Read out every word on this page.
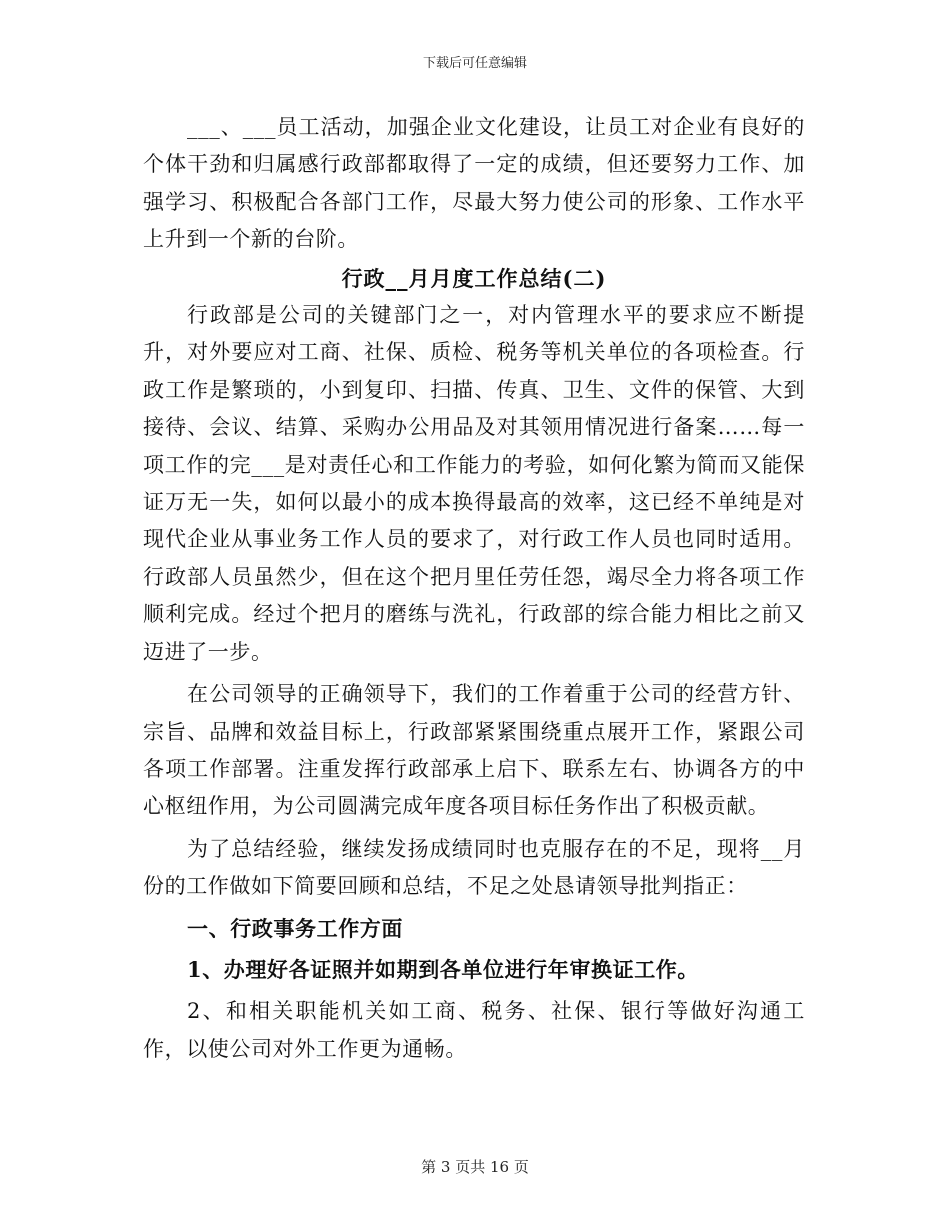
下载后可任意编辑

___、___员工活动，加强企业文化建设，让员工对企业有良好的个体干劲和归属感行政部都取得了一定的成绩，但还要努力工作、加强学习、积极配合各部门工作，尽最大努力使公司的形象、工作水平上升到一个新的台阶。

行政__月月度工作总结(二)

行政部是公司的关键部门之一，对内管理水平的要求应不断提升，对外要应对工商、社保、质检、税务等机关单位的各项检查。行政工作是繁琐的，小到复印、扫描、传真、卫生、文件的保管、大到接待、会议、结算、采购办公用品及对其领用情况进行备案……每一项工作的完___是对责任心和工作能力的考验，如何化繁为简而又能保证万无一失，如何以最小的成本换得最高的效率，这已经不单纯是对现代企业从事业务工作人员的要求了，对行政工作人员也同时适用。行政部人员虽然少，但在这个把月里任劳任怨，竭尽全力将各项工作顺利完成。经过个把月的磨练与洗礼，行政部的综合能力相比之前又迈进了一步。

在公司领导的正确领导下，我们的工作着重于公司的经营方针、宗旨、品牌和效益目标上，行政部紧紧围绕重点展开工作，紧跟公司各项工作部署。注重发挥行政部承上启下、联系左右、协调各方的中心枢纽作用，为公司圆满完成年度各项目标任务作出了积极贡献。

为了总结经验，继续发扬成绩同时也克服存在的不足，现将__月份的工作做如下简要回顾和总结，不足之处恳请领导批判指正：

一、行政事务工作方面

1、办理好各证照并如期到各单位进行年审换证工作。

2、和相关职能机关如工商、税务、社保、银行等做好沟通工作，以使公司对外工作更为通畅。

第 3 页共 16 页
